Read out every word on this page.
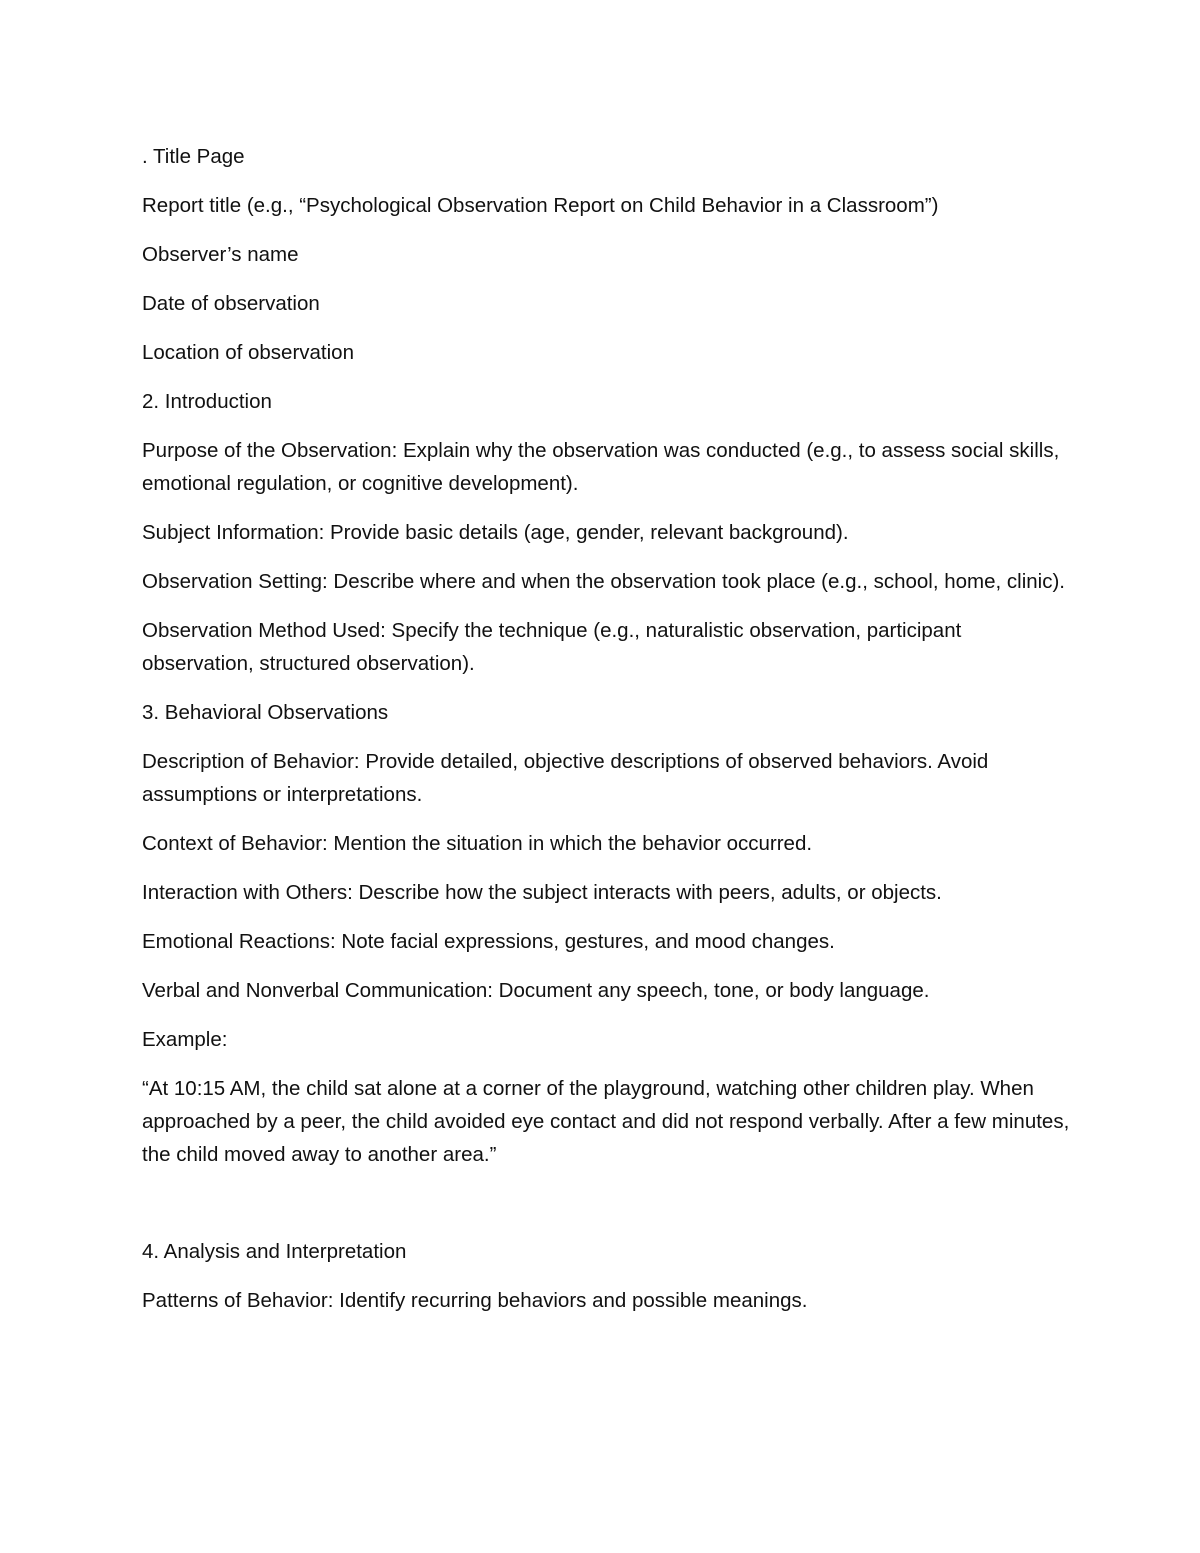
. Title Page

Report title (e.g., “Psychological Observation Report on Child Behavior in a Classroom”)

Observer’s name

Date of observation

Location of observation

2. Introduction

Purpose of the Observation: Explain why the observation was conducted (e.g., to assess social skills, emotional regulation, or cognitive development).

Subject Information: Provide basic details (age, gender, relevant background).

Observation Setting: Describe where and when the observation took place (e.g., school, home, clinic).

Observation Method Used: Specify the technique (e.g., naturalistic observation, participant observation, structured observation).

3. Behavioral Observations

Description of Behavior: Provide detailed, objective descriptions of observed behaviors. Avoid assumptions or interpretations.

Context of Behavior: Mention the situation in which the behavior occurred.

Interaction with Others: Describe how the subject interacts with peers, adults, or objects.

Emotional Reactions: Note facial expressions, gestures, and mood changes.

Verbal and Nonverbal Communication: Document any speech, tone, or body language.

Example:

“At 10:15 AM, the child sat alone at a corner of the playground, watching other children play. When approached by a peer, the child avoided eye contact and did not respond verbally. After a few minutes, the child moved away to another area.”

4. Analysis and Interpretation

Patterns of Behavior: Identify recurring behaviors and possible meanings.
